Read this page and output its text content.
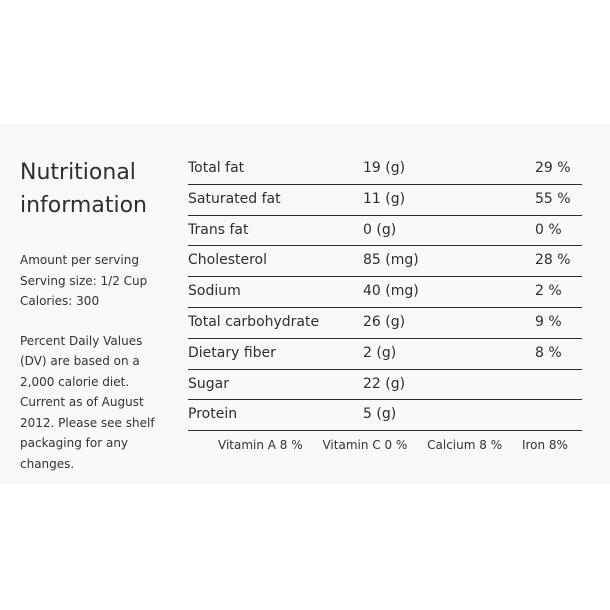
Nutritional
information
Amount per serving
Serving size: 1/2 Cup
Calories: 300
Percent Daily Values (DV) are based on a 2,000 calorie diet. Current as of August 2012. Please see shelf packaging for any changes.
Total fat	19 (g)	29 %
Saturated fat	11 (g)	55 %
Trans fat	0 (g)	0 %
Cholesterol	85 (mg)	28 %
Sodium	40 (mg)	2 %
Total carbohydrate	26 (g)	9 %
Dietary fiber	2 (g)	8 %
Sugar	22 (g)
Protein	5 (g)
Vitamin A 8 % Vitamin C 0 % Calcium 8 % Iron 8%
